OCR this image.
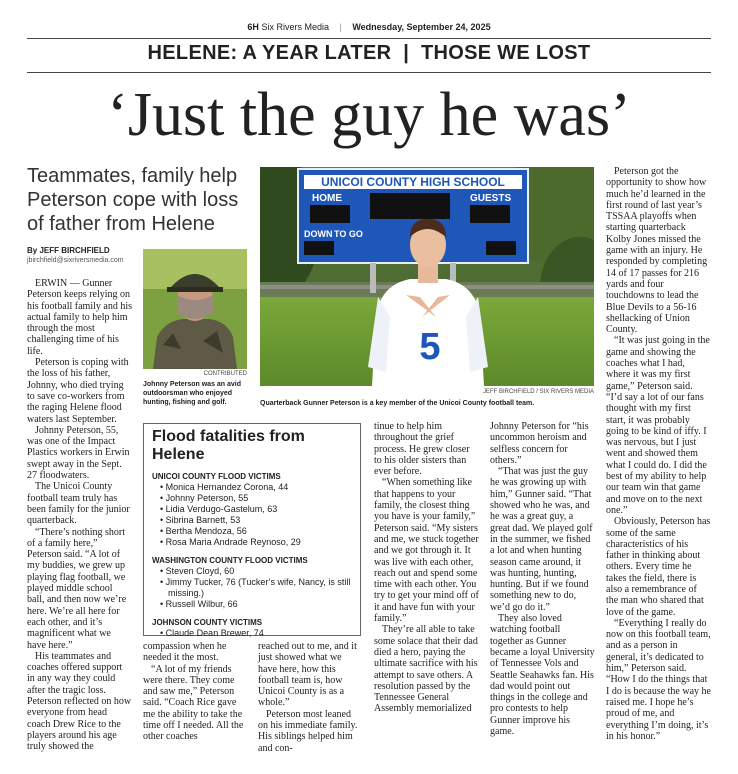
6H Six Rivers Media | Wednesday, September 24, 2025
HELENE: A YEAR LATER | THOSE WE LOST
‘Just the guy he was’
Teammates, family help Peterson cope with loss of father from Helene
By JEFF BIRCHFIELD
jbirchfield@sixriversmedia.com
UNICOI COUNTY HIGH SCHOOL
HOME	GUESTS
DOWN TO GO
5
JEFF BIRCHFIELD / SIX RIVERS MEDIA
Quarterback Gunner Peterson is a key member of the Unicoi County football team.
CONTRIBUTED
Johnny Peterson was an avid outdoorsman who enjoyed hunting, fishing and golf.

ERWIN — Gunner Peterson keeps relying on his football family and his actual family to help him through the most challenging time of his life.

Peterson is coping with the loss of his father, Johnny, who died trying to save co-workers from the raging Helene flood waters last September.

Johnny Peterson, 55, was one of the Impact Plastics workers in Erwin swept away in the Sept. 27 floodwaters.

The Unicoi County football team truly has been family for the junior quarterback.

“There’s nothing short of a family here,” Peterson said. “A lot of my buddies, we grew up playing flag football, we played middle school ball, and then now we’re here. We’re all here for each other, and it’s magnificent what we have here.”

His teammates and coaches offered support in any way they could after the tragic loss. Peterson reflected on how everyone from head coach Drew Rice to the players around his age truly showed the

Flood fatalities from Helene
UNICOI COUNTY FLOOD VICTIMS
• Monica Hernandez Corona, 44
• Johnny Peterson, 55
• Lidia Verdugo-Gastelum, 63
• Sibrina Barnett, 53
• Bertha Mendoza, 56
• Rosa Maria Andrade Reynoso, 29
WASHINGTON COUNTY FLOOD VICTIMS
• Steven Cloyd, 60
• Jimmy Tucker, 76 (Tucker’s wife, Nancy, is still missing.)
• Russell Wilbur, 66
JOHNSON COUNTY VICTIMS
• Claude Dean Brewer, 74

compassion when he needed it the most.

“A lot of my friends were there. They come and saw me,” Peterson said. “Coach Rice gave me the ability to take the time off I needed. All the other coaches

reached out to me, and it just showed what we have here, how this football team is, how Unicoi County is as a whole.”

Peterson most leaned on his immediate family. His siblings helped him and con-

tinue to help him throughout the grief process. He grew closer to his older sisters than ever before.

“When something like that happens to your family, the closest thing you have is your family,” Peterson said. “My sisters and me, we stuck together and we got through it. It was live with each other, reach out and spend some time with each other. You try to get your mind off of it and have fun with your family.”

They’re all able to take some solace that their dad died a hero, paying the ultimate sacrifice with his attempt to save others. A resolution passed by the Tennessee General Assembly memorialized

Johnny Peterson for “his uncommon heroism and selfless concern for others.”

“That was just the guy he was growing up with him,” Gunner said. “That showed who he was, and he was a great guy, a great dad. We played golf in the summer, we fished a lot and when hunting season came around, it was hunting, hunting, hunting. But if we found something new to do, we’d go do it.”

They also loved watching football together as Gunner became a loyal University of Tennessee Vols and Seattle Seahawks fan. His dad would point out things in the college and pro contests to help Gunner improve his game.

Peterson got the opportunity to show how much he’d learned in the first round of last year’s TSSAA playoffs when starting quarterback Kolby Jones missed the game with an injury. He responded by completing 14 of 17 passes for 216 yards and four touchdowns to lead the Blue Devils to a 56-16 shellacking of Union County.

“It was just going in the game and showing the coaches what I had, where it was my first game,” Peterson said. “I’d say a lot of our fans thought with my first start, it was probably going to be kind of iffy. I was nervous, but I just went and showed them what I could do. I did the best of my ability to help our team win that game and move on to the next one.”

Obviously, Peterson has some of the same characteristics of his father in thinking about others. Every time he takes the field, there is also a remembrance of the man who shared that love of the game.

“Everything I really do now on this football team, and as a person in general, it’s dedicated to him,” Peterson said. “How I do the things that I do is because the way he raised me. I hope he’s proud of me, and everything I’m doing, it’s in his honor.”
